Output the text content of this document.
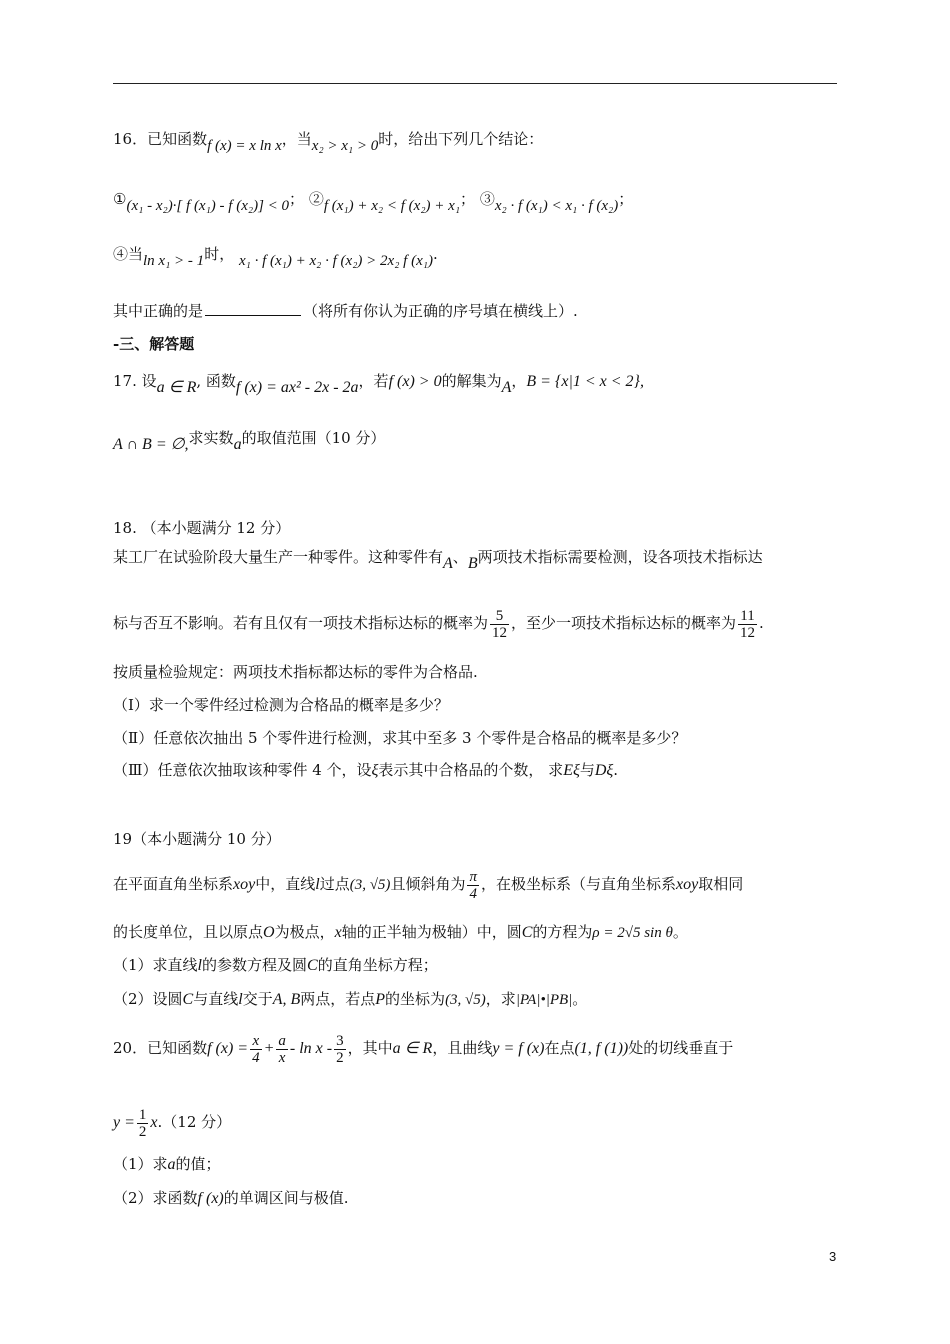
16．已知函数f (x) = x ln x，当x₂ > x₁ > 0时，给出下列几个结论：
①(x₁ - x₂)·[ f (x₁) - f (x₂)] < 0； ②f (x₁) + x₂ < f (x₂) + x₁； ③x₂ · f (x₁) < x₁ · f (x₂)；
④当ln x₁ > - 1时， x₁ · f (x₁) + x₂ · f (x₂) > 2x₂ f (x₁).
其中正确的是	（将所有你认为正确的序号填在横线上）.
-三、解答题
17. 设a ∈ R, 函数f (x) = ax² - 2x - 2a，若f (x) > 0的解集为A，B = {x|1 < x < 2},
A ∩ B = ∅,求实数a的取值范围（10 分）
18. （本小题满分 12 分）
某工厂在试验阶段大量生产一种零件。这种零件有A、B两项技术指标需要检测，设各项技术指标达
标与否互不影响。若有且仅有一项技术指标达标的概率为 $\frac{5}{12}$ ，至少一项技术指标达标的概率为 $\frac{11}{12}$ .
按质量检验规定：两项技术指标都达标的零件为合格品.
（Ⅰ）求一个零件经过检测为合格品的概率是多少？
（Ⅱ）任意依次抽出 5 个零件进行检测，求其中至多 3 个零件是合格品的概率是多少？
（Ⅲ）任意依次抽取该种零件 4 个，设ξ表示其中合格品的个数， 求Eξ与Dξ.
19（本小题满分 10 分）
在平面直角坐标系xoy中，直线l过点(3, √5)且倾斜角为 $\frac{\pi}{4}$ ，在极坐标系（与直角坐标系xoy取相同
的长度单位，且以原点O为极点，x轴的正半轴为极轴）中，圆C的方程为ρ = 2√5 sin θ。
（1）求直线l的参数方程及圆C的直角坐标方程；
（2）设圆C与直线l交于A, B两点，若点P的坐标为(3, √5)，求|PA|•|PB|。
20．已知函数f $(x) = \frac{x}{4} + \frac{a}{x} - \ln x - \frac{3}{2}$ ，其中a ∈ R，且曲线y = f (x)在点(1, f (1))处的切线垂直于
$y = \frac{1}{2} x.(12$ 分）
（1）求a的值；
（2）求函数f (x)的单调区间与极值.
3
